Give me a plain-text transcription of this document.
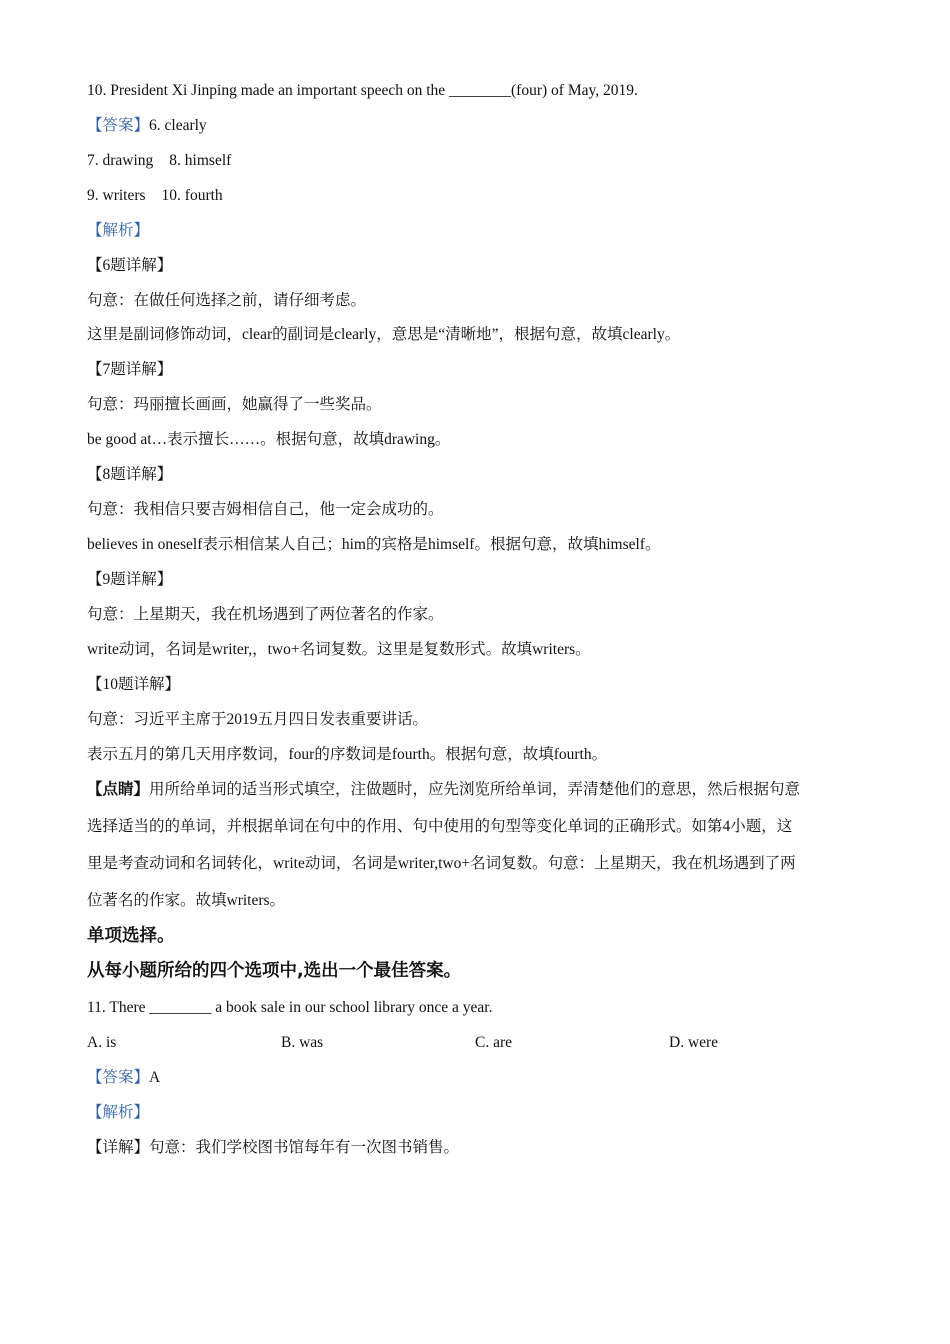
10. President Xi Jinping made an important speech on the ________(four) of May, 2019.
【答案】6. clearly
7. drawing 8. himself
9. writers 10. fourth
【解析】
【6题详解】
句意：在做任何选择之前，请仔细考虑。
这里是副词修饰动词，clear的副词是clearly，意思是“清晰地”，根据句意，故填clearly。
【7题详解】
句意：玛丽擅长画画，她赢得了一些奖品。
be good at…表示擅长……。根据句意，故填drawing。
【8题详解】
句意：我相信只要吉姆相信自己，他一定会成功的。
believes in oneself表示相信某人自己；him的宾格是himself。根据句意，故填himself。
【9题详解】
句意：上星期天，我在机场遇到了两位著名的作家。
write动词，名词是writer,，two+名词复数。这里是复数形式。故填writers。
【10题详解】
句意：习近平主席于2019五月四日发表重要讲话。
表示五月的第几天用序数词，four的序数词是fourth。根据句意，故填fourth。
【点睛】用所给单词的适当形式填空，注做题时，应先浏览所给单词，弄清楚他们的意思，然后根据句意
选择适当的的单词，并根据单词在句中的作用、句中使用的句型等变化单词的正确形式。如第4小题，这
里是考查动词和名词转化，write动词，名词是writer,two+名词复数。句意：上星期天，我在机场遇到了两
位著名的作家。故填writers。
单项选择。
从每小题所给的四个选项中,选出一个最佳答案。
11. There ________ a book sale in our school library once a year.
A. is	B. was	C. are	D. were
【答案】A
【解析】
【详解】句意：我们学校图书馆每年有一次图书销售。
